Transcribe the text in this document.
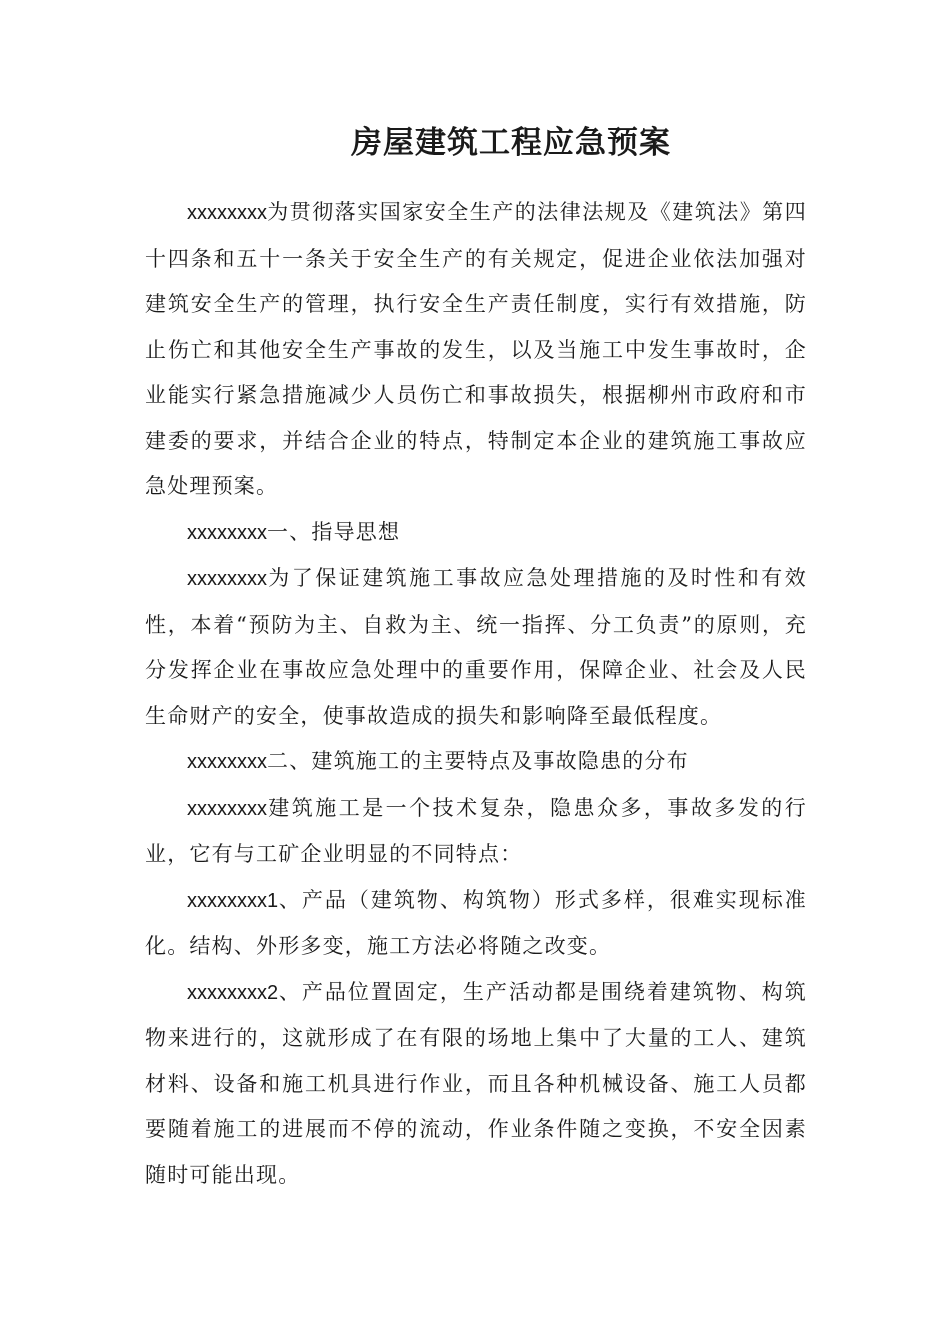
房屋建筑工程应急预案

xxxxxxxx为贯彻落实国家安全生产的法律法规及《建筑法》第四十四条和五十一条关于安全生产的有关规定，促进企业依法加强对建筑安全生产的管理，执行安全生产责任制度，实行有效措施，防止伤亡和其他安全生产事故的发生，以及当施工中发生事故时，企业能实行紧急措施减少人员伤亡和事故损失，根据柳州市政府和市建委的要求，并结合企业的特点，特制定本企业的建筑施工事故应急处理预案。

xxxxxxxx一、指导思想

xxxxxxxx为了保证建筑施工事故应急处理措施的及时性和有效性，本着“预防为主、自救为主、统一指挥、分工负责”的原则，充分发挥企业在事故应急处理中的重要作用，保障企业、社会及人民生命财产的安全，使事故造成的损失和影响降至最低程度。

xxxxxxxx二、建筑施工的主要特点及事故隐患的分布

xxxxxxxx建筑施工是一个技术复杂，隐患众多，事故多发的行业，它有与工矿企业明显的不同特点：

xxxxxxxx1、产品（建筑物、构筑物）形式多样，很难实现标准化。结构、外形多变，施工方法必将随之改变。

xxxxxxxx2、产品位置固定，生产活动都是围绕着建筑物、构筑物来进行的，这就形成了在有限的场地上集中了大量的工人、建筑材料、设备和施工机具进行作业，而且各种机械设备、施工人员都要随着施工的进展而不停的流动，作业条件随之变换，不安全因素随时可能出现。
